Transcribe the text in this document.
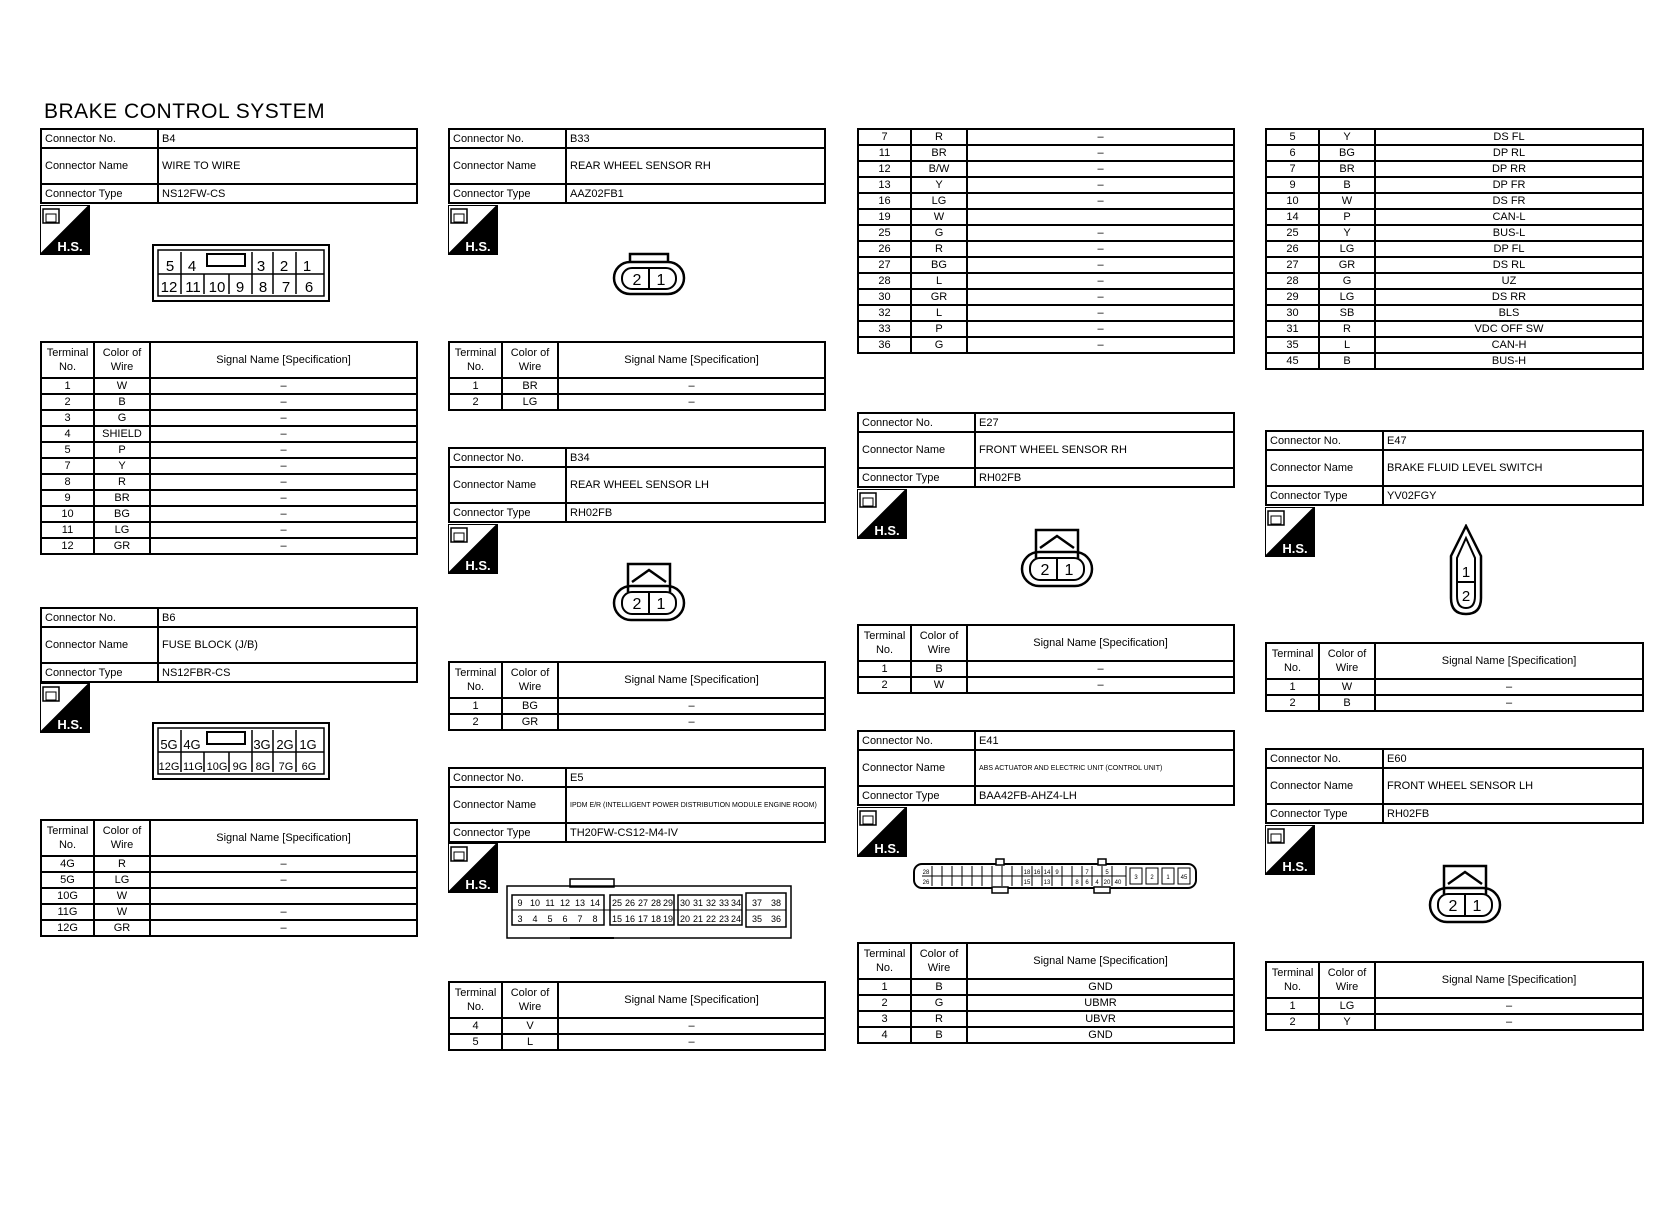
BRAKE CONTROL SYSTEM
Connector No.	B4
Connector Name	WIRE TO WIRE
Connector Type	NS12FW-CS
H.S.
5 4	3 2 1
12 11 10 9 8 7 6
Terminal No.	Color of Wire	Signal Name [Specification]
1	W	–
2	B	–
3	G	–
4	SHIELD	–
5	P	–
7	Y	–
8	R	–
9	BR	–
10	BG	–
11	LG	–
12	GR	–
Connector No.	B6
Connector Name	FUSE BLOCK (J/B)
Connector Type	NS12FBR-CS
H.S.
5G 4G	3G 2G 1G
12G 11G 10G 9G 8G 7G 6G
Terminal No.	Color of Wire	Signal Name [Specification]
4G	R	–
5G	LG	–
10G	W	
11G	W	–
12G	GR	–
Connector No.	B33
Connector Name	REAR WHEEL SENSOR RH
Connector Type	AAZ02FB1
H.S.
2 1
Terminal No.	Color of Wire	Signal Name [Specification]
1	BR	–
2	LG	–
Connector No.	B34
Connector Name	REAR WHEEL SENSOR LH
Connector Type	RH02FB
H.S.
2 1
Terminal No.	Color of Wire	Signal Name [Specification]
1	BG	–
2	GR	–
Connector No.	E5
Connector Name	IPDM E/R (INTELLIGENT POWER DISTRIBUTION MODULE ENGINE ROOM)
Connector Type	TH20FW-CS12-M4-IV
H.S.
9 10 11 12 13 14
3 4 5 6 7 8
25 26 27 28 29
15 16 17 18 19
30 31 32 33 34
20 21 22 23 24
37 38
35 36
Terminal No.	Color of Wire	Signal Name [Specification]
4	V	–
5	L	–
7	R	–
11	BR	–
12	B/W	–
13	Y	–
16	LG	–
19	W	
25	G	–
26	R	–
27	BG	–
28	L	–
30	GR	–
32	L	–
33	P	–
36	G	–
Connector No.	E27
Connector Name	FRONT WHEEL SENSOR RH
Connector Type	RH02FB
H.S.
2 1
Terminal No.	Color of Wire	Signal Name [Specification]
1	B	–
2	W	–
Connector No.	E41
Connector Name	ABS ACTUATOR AND ELECTRIC UNIT (CONTROL UNIT)
Connector Type	BAA42FB-AHZ4-LH
H.S.
28	18 16 14 9	7	5
3 2 1
26	15 13	8 6 4 20 40
45
Terminal No.	Color of Wire	Signal Name [Specification]
1	B	GND
2	G	UBMR
3	R	UBVR
4	B	GND
5	Y	DS FL
6	BG	DP RL
7	BR	DP RR
9	B	DP FR
10	W	DS FR
14	P	CAN-L
25	Y	BUS-L
26	LG	DP FL
27	GR	DS RL
28	G	UZ
29	LG	DS RR
30	SB	BLS
31	R	VDC OFF SW
35	L	CAN-H
45	B	BUS-H
Connector No.	E47
Connector Name	BRAKE FLUID LEVEL SWITCH
Connector Type	YV02FGY
H.S.
1
2
Terminal No.	Color of Wire	Signal Name [Specification]
1	W	–
2	B	–
Connector No.	E60
Connector Name	FRONT WHEEL SENSOR LH
Connector Type	RH02FB
H.S.
2 1
Terminal No.	Color of Wire	Signal Name [Specification]
1	LG	–
2	Y	–
